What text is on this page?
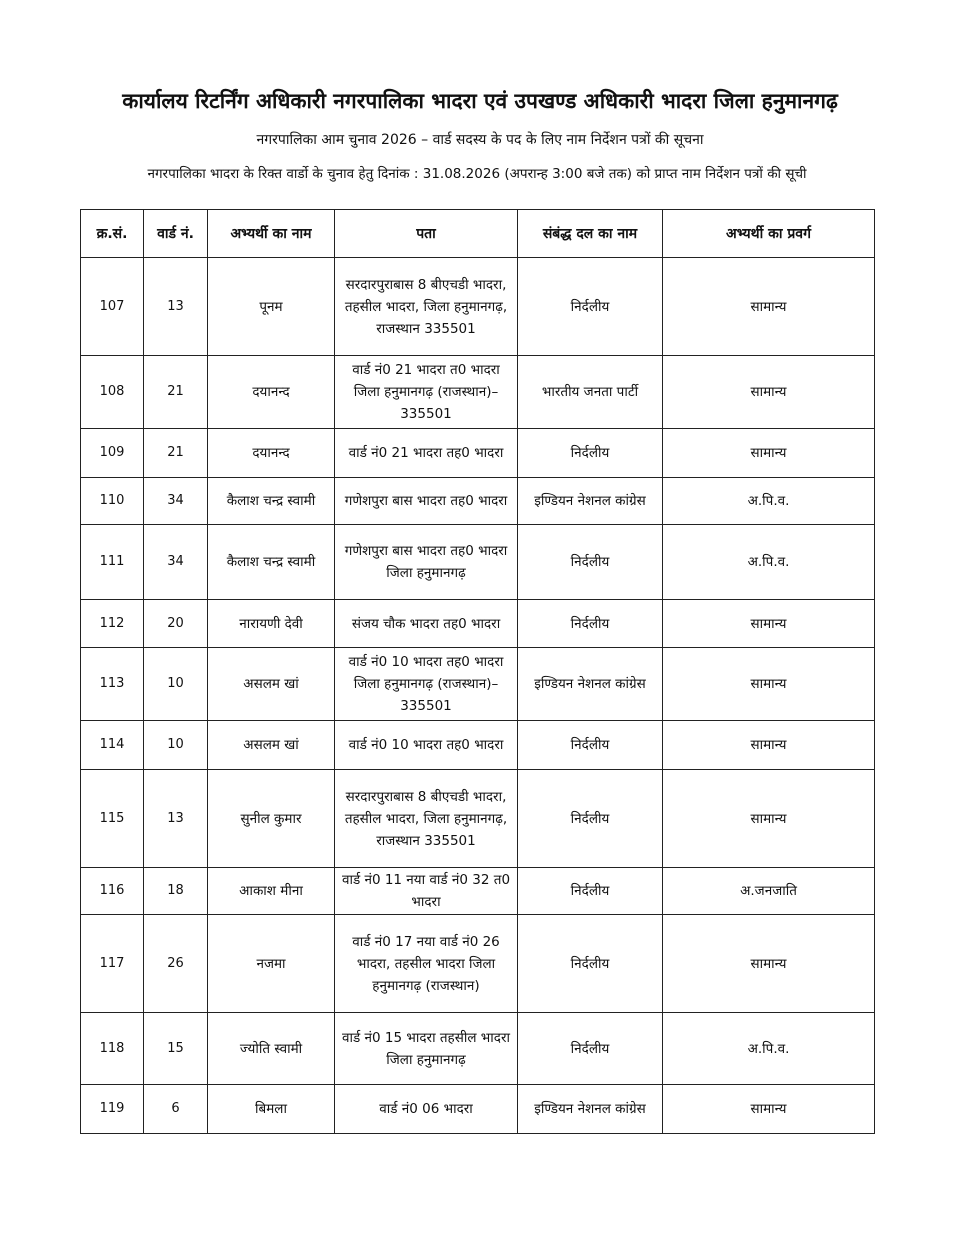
कार्यालय रिटर्निंग अधिकारी नगरपालिका भादरा एवं उपखण्ड अधिकारी भादरा जिला हनुमानगढ़
नगरपालिका आम चुनाव 2026 – वार्ड सदस्य के पद के लिए नाम निर्देशन पत्रों की सूचना
नगरपालिका भादरा के रिक्त वार्डो के चुनाव हेतु दिनांक : 31.08.2026 (अपरान्ह 3:00 बजे तक) को प्राप्त नाम निर्देशन पत्रों की सूची
क्र.सं.	वार्ड नं.	अभ्यर्थी का नाम	पता	संबंद्ध दल का नाम	अभ्यर्थी का प्रवर्ग
107	13	पूनम	सरदारपुराबास 8 बीएचडी भादरा, तहसील भादरा, जिला हनुमानगढ़, राजस्थान 335501	निर्दलीय	सामान्य
108	21	दयानन्द	वार्ड नं0 21 भादरा त0 भादरा जिला हनुमानगढ़ (राजस्थान)–335501	भारतीय जनता पार्टी	सामान्य
109	21	दयानन्द	वार्ड नं0 21 भादरा तह0 भादरा	निर्दलीय	सामान्य
110	34	कैलाश चन्द्र स्वामी	गणेशपुरा बास भादरा तह0 भादरा	इण्डियन नेशनल कांग्रेस	अ.पि.व.
111	34	कैलाश चन्द्र स्वामी	गणेशपुरा बास भादरा तह0 भादरा जिला हनुमानगढ़	निर्दलीय	अ.पि.व.
112	20	नारायणी देवी	संजय चौक भादरा तह0 भादरा	निर्दलीय	सामान्य
113	10	असलम खां	वार्ड नं0 10 भादरा तह0 भादरा जिला हनुमानगढ़ (राजस्थान)–335501	इण्डियन नेशनल कांग्रेस	सामान्य
114	10	असलम खां	वार्ड नं0 10 भादरा तह0 भादरा	निर्दलीय	सामान्य
115	13	सुनील कुमार	सरदारपुराबास 8 बीएचडी भादरा, तहसील भादरा, जिला हनुमानगढ़, राजस्थान 335501	निर्दलीय	सामान्य
116	18	आकाश मीना	वार्ड नं0 11 नया वार्ड नं0 32 त0 भादरा	निर्दलीय	अ.जनजाति
117	26	नजमा	वार्ड नं0 17 नया वार्ड नं0 26 भादरा, तहसील भादरा जिला हनुमानगढ़ (राजस्थान)	निर्दलीय	सामान्य
118	15	ज्योति स्वामी	वार्ड नं0 15 भादरा तहसील भादरा जिला हनुमानगढ़	निर्दलीय	अ.पि.व.
119	6	बिमला	वार्ड नं0 06 भादरा	इण्डियन नेशनल कांग्रेस	सामान्य
